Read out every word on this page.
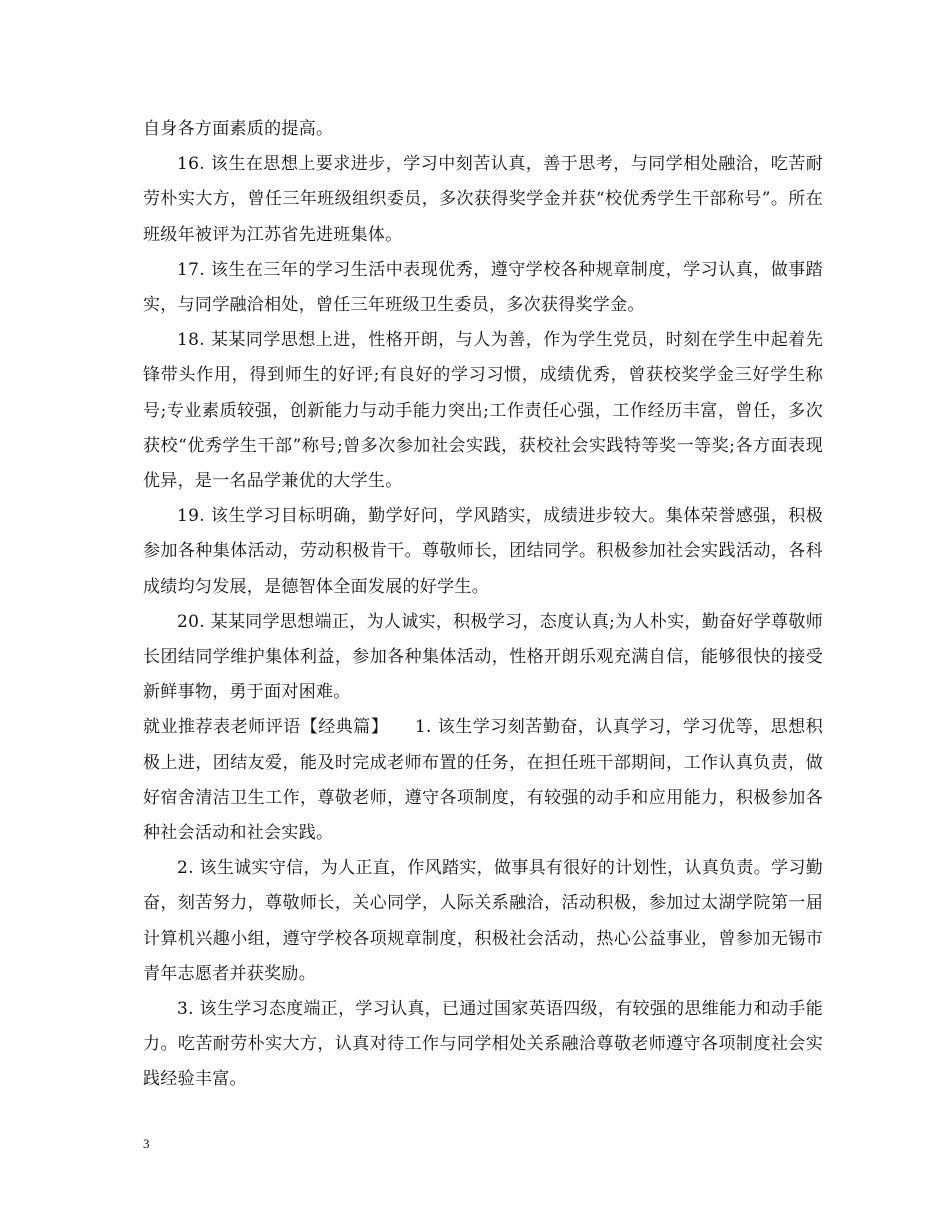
自身各方面素质的提高。

16. 该生在思想上要求进步，学习中刻苦认真，善于思考，与同学相处融洽，吃苦耐劳朴实大方，曾任三年班级组织委员，多次获得奖学金并获“校优秀学生干部称号”。所在班级年被评为江苏省先进班集体。

17. 该生在三年的学习生活中表现优秀，遵守学校各种规章制度，学习认真，做事踏实，与同学融洽相处，曾任三年班级卫生委员，多次获得奖学金。

18. 某某同学思想上进，性格开朗，与人为善，作为学生党员，时刻在学生中起着先锋带头作用，得到师生的好评;有良好的学习习惯，成绩优秀，曾获校奖学金三好学生称号;专业素质较强，创新能力与动手能力突出;工作责任心强，工作经历丰富，曾任，多次获校“优秀学生干部”称号;曾多次参加社会实践，获校社会实践特等奖一等奖;各方面表现优异，是一名品学兼优的大学生。

19. 该生学习目标明确，勤学好问，学风踏实，成绩进步较大。集体荣誉感强，积极参加各种集体活动，劳动积极肯干。尊敬师长，团结同学。积极参加社会实践活动，各科成绩均匀发展，是德智体全面发展的好学生。

20. 某某同学思想端正，为人诚实，积极学习，态度认真;为人朴实，勤奋好学尊敬师长团结同学维护集体利益，参加各种集体活动，性格开朗乐观充满自信，能够很快的接受新鲜事物，勇于面对困难。

就业推荐表老师评语【经典篇】　　1. 该生学习刻苦勤奋，认真学习，学习优等，思想积极上进，团结友爱，能及时完成老师布置的任务，在担任班干部期间，工作认真负责，做好宿舍清洁卫生工作，尊敬老师，遵守各项制度，有较强的动手和应用能力，积极参加各种社会活动和社会实践。

2. 该生诚实守信，为人正直，作风踏实，做事具有很好的计划性，认真负责。学习勤奋，刻苦努力，尊敬师长，关心同学，人际关系融洽，活动积极，参加过太湖学院第一届计算机兴趣小组，遵守学校各项规章制度，积极社会活动，热心公益事业，曾参加无锡市青年志愿者并获奖励。

3. 该生学习态度端正，学习认真，已通过国家英语四级，有较强的思维能力和动手能力。吃苦耐劳朴实大方，认真对待工作与同学相处关系融洽尊敬老师遵守各项制度社会实践经验丰富。

3
